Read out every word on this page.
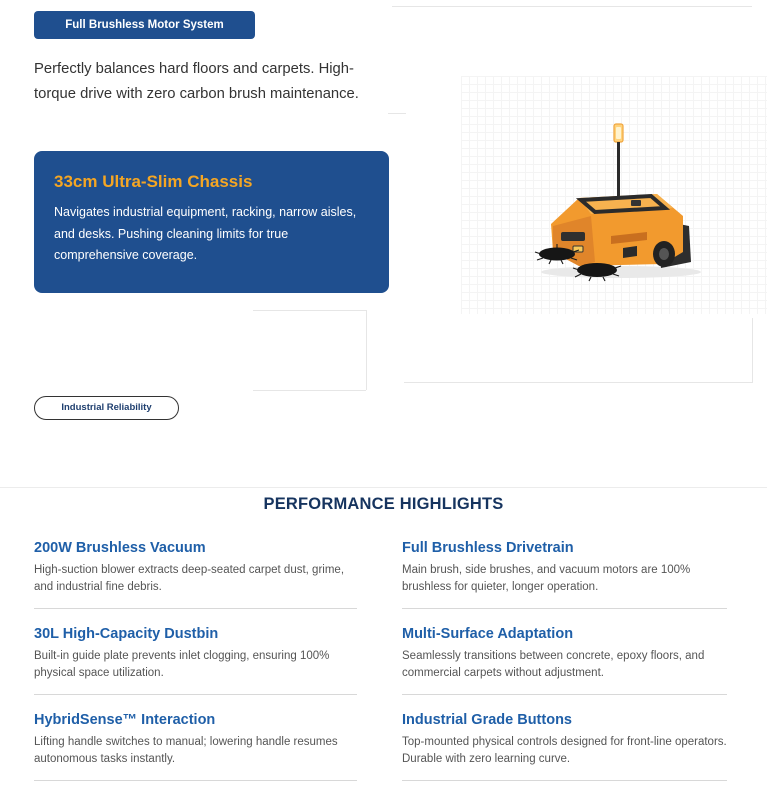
Full Brushless Motor System
Perfectly balances hard floors and carpets. High-torque drive with zero carbon brush maintenance.
33cm Ultra-Slim Chassis
Navigates industrial equipment, racking, narrow aisles, and desks. Pushing cleaning limits for true comprehensive coverage.
Industrial Reliability
PERFORMANCE HIGHLIGHTS
200W Brushless Vacuum
High-suction blower extracts deep-seated carpet dust, grime, and industrial fine debris.
Full Brushless Drivetrain
Main brush, side brushes, and vacuum motors are 100% brushless for quieter, longer operation.
30L High-Capacity Dustbin
Built-in guide plate prevents inlet clogging, ensuring 100% physical space utilization.
Multi-Surface Adaptation
Seamlessly transitions between concrete, epoxy floors, and commercial carpets without adjustment.
HybridSense™ Interaction
Lifting handle switches to manual; lowering handle resumes autonomous tasks instantly.
Industrial Grade Buttons
Top-mounted physical controls designed for front-line operators. Durable with zero learning curve.
